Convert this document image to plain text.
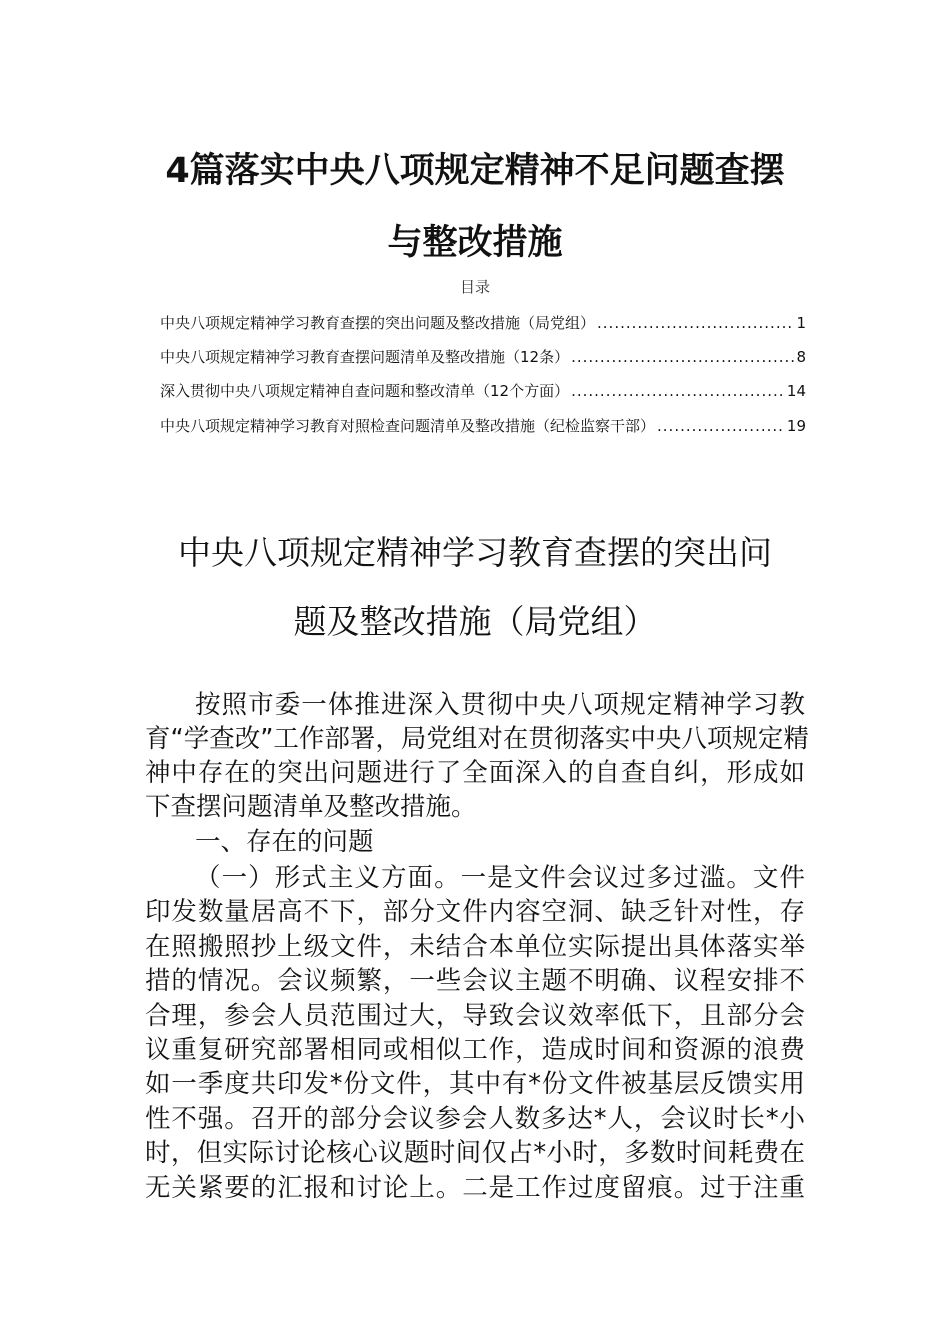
4篇落实中央八项规定精神不足问题查摆
与整改措施
目录
中央八项规定精神学习教育查摆的突出问题及整改措施（局党组） .....	1
中央八项规定精神学习教育查摆问题清单及整改措施（12条） .....	8
深入贯彻中央八项规定精神自查问题和整改清单（12个方面） .....	14
中央八项规定精神学习教育对照检查问题清单及整改措施（纪检监察干部） .....	19
中央八项规定精神学习教育查摆的突出问
题及整改措施（局党组）
按照市委一体推进深入贯彻中央八项规定精神学习教
育“学查改”工作部署，局党组对在贯彻落实中央八项规定精
神中存在的突出问题进行了全面深入的自查自纠，形成如
下查摆问题清单及整改措施。
一、存在的问题
（一）形式主义方面。一是文件会议过多过滥。文件
印发数量居高不下，部分文件内容空洞、缺乏针对性，存
在照搬照抄上级文件，未结合本单位实际提出具体落实举
措的情况。会议频繁，一些会议主题不明确、议程安排不
合理，参会人员范围过大，导致会议效率低下，且部分会
议重复研究部署相同或相似工作，造成时间和资源的浪费
如一季度共印发*份文件，其中有*份文件被基层反馈实用
性不强。召开的部分会议参会人数多达*人，会议时长*小
时，但实际讨论核心议题时间仅占*小时，多数时间耗费在
无关紧要的汇报和讨论上。二是工作过度留痕。过于注重
